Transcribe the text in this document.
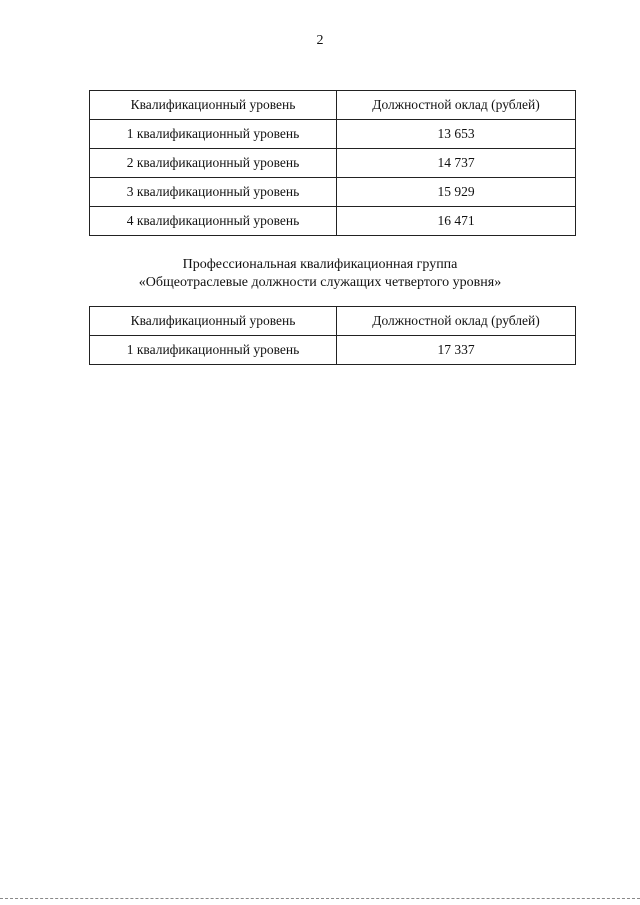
2
Квалификационный уровень	Должностной оклад (рублей)
1 квалификационный уровень	13 653
2 квалификационный уровень	14 737
3 квалификационный уровень	15 929
4 квалификационный уровень	16 471
Профессиональная квалификационная группа
«Общеотраслевые должности служащих четвертого уровня»
Квалификационный уровень	Должностной оклад (рублей)
1 квалификационный уровень	17 337
